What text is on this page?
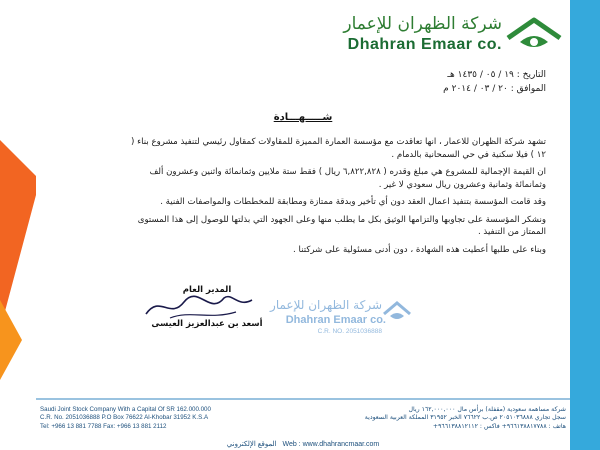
شركة الظهران للإعمار
Dhahran Emaar co.
التاريخ : ١٩ / ٠٥ / ١٤٣٥ هـ
الموافق : ٢٠ / ٠٣ / ٢٠١٤ م
شـــــهـــادة

تشهد شركة الظهران للاعمار ، انها تعاقدت مع مؤسسة العمارة المميزة للمقاولات كمقاول رئيسي لتنفيذ مشروع بناء ( ١٢ ) فيلا سكنية في حي السمحانية بالدمام .

ان القيمة الإجمالية للمشروع هي مبلغ وقدره ( ٦,٨٢٢,٨٢٨ ريال ) فقط ستة ملايين وثمانمائة واثنين وعشرون ألف وثمانمائة وثمانية وعشرون ريال سعودي لا غير .

وقد قامت المؤسسة بتنفيذ اعمال العقد دون أي تأخير وبدقة ممتازة ومطابقة للمخططات والمواصفات الفنية .

ونشكر المؤسسة على تجاوبها والتزامها الوثيق بكل ما يطلب منها وعلى الجهود التي بذلتها للوصول إلى هذا المستوى الممتاز من التنفيذ .

وبناء على طلبها أعطيت هذه الشهادة ، دون أدنى مسئولية على شركتنا .

المدير العام
أسعد بن عبدالعزيز العيسى
شركة الظهران للإعمار
Dhahran Emaar co.
C.R. NO. 2051036888
Saudi Joint Stock Company With a Capital Of SR 162.000.000
C.R. No. 2051036888 P.O Box 76622 Al-Khobar 31952 K.S.A
Tel: +966 13 881 7788 Fax: +966 13 881 2112
شركة مساهمة سعودية (مقفلة) برأس مال ١٦٢,٠٠٠,٠٠٠ ريال
سجل تجاري ٢٠٥١٠٣٦٨٨٨ ص.ب ٧٦٦٢٢ الخبر ٣١٩٥٢ المملكة العربية السعودية
هاتف : ٩٦٦١٣٨٨١٧٧٨٨+ فاكس : ٩٦٦١٣٨٨١٢١١٢+
الموقع الإلكتروني Web : www.dhahrancmaar.com
